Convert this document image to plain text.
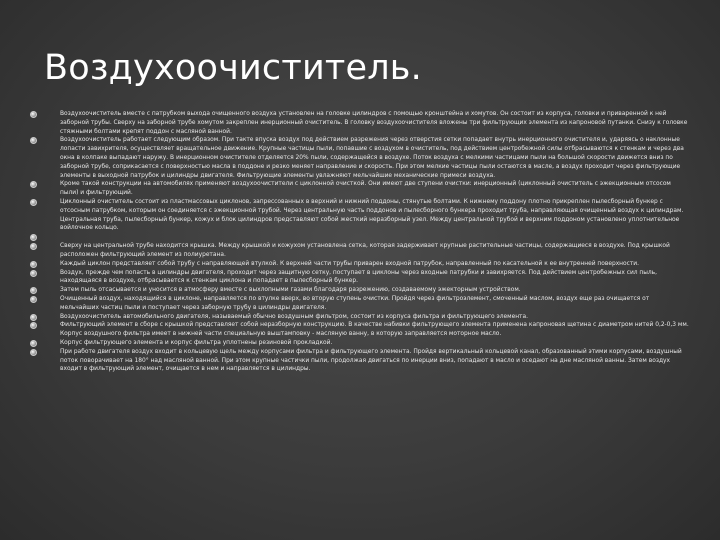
Воздухоочиститель.
Воздухоочиститель вместе с патрубком выхода очищенного воздуха установлен на головке цилиндров с помощью кронштейна и хомутов. Он состоит из корпуса, головки и приваренной к ней заборной трубы. Сверху на заборной трубе хомутом закреплен инерционный очиститель. В головку воздухоочистителя вложены три фильтрующих элемента из капроновой путанки. Снизу к головке стяжными болтами крепят поддон с масляной ванной.
Воздухоочиститель работает следующим образом. При такте впуска воздух под действием разрежения через отверстия сетки попадает внутрь инерционного очистителя и, ударяясь о наклонные лопасти завихрителя, осуществляет вращательное движение. Крупные частицы пыли, попавшие с воздухом в очиститель, под действием центробежной силы отбрасываются к стенкам и через два окна в колпаке выпадают наружу. В инерционном очистителе отделяется 20% пыли, содержащейся в воздухе. Поток воздуха с мелкими частицами пыли на большой скорости движется вниз по заборной трубе, соприкасается с поверхностью масла в поддоне и резко меняет направление и скорость. При этом мелкие частицы пыли остаются в масле, а воздух проходит через фильтрующие элементы в выходной патрубок и цилиндры двигателя. Фильтрующие элементы увлажняют мельчайшие механические примеси воздуха.
Кроме такой конструкции на автомобилях применяют воздухоочистители с циклонной очисткой. Они имеют две ступени очистки: инерционный (циклонный очиститель с эжекционным отсосом пыли) и фильтрующий.
Циклонный очиститель состоит из пластмассовых циклонов, запрессованных в верхний и нижний поддоны, стянутые болтами. К нижнему поддону плотно прикреплен пылесборный бункер с отсосным патрубком, которым он соединяется с эжекционной трубой. Через центральную часть поддонов и пылесборного бункера проходит труба, направляющая очищенный воздух к цилиндрам. Центральная труба, пылесборный бункер, кожух и блок цилиндров представляют собой жесткий неразборный узел. Между центральной трубой и верхним поддоном установлено уплотнительное войлочное кольцо.
Сверху на центральной трубе находится крышка. Между крышкой и кожухом установлена сетка, которая задерживает крупные растительные частицы, содержащиеся в воздухе. Под крышкой расположен фильтрующий элемент из полиуретана.
Каждый циклон представляет собой трубу с направляющей втулкой. К верхней части трубы приварен входной патрубок, направленный по касательной к ее внутренней поверхности.
Воздух, прежде чем попасть в цилиндры двигателя, проходит через защитную сетку, поступает в циклоны через входные патрубки и завихряется. Под действием центробежных сил пыль, находящаяся в воздухе, отбрасывается к стенкам циклона и попадает в пылесборный бункер.
Затем пыль отсасывается и уносится в атмосферу вместе с выхлопными газами благодаря разрежению, создаваемому эжекторным устройством.
Очищенный воздух, находящийся в циклоне, направляется по втулке вверх, во вторую ступень очистки. Пройдя через фильтроэлемент, смоченный маслом, воздух еще раз очищается от мельчайших частиц пыли и поступает через заборную трубу в цилиндры двигателя.
Воздухоочиститель автомобильного двигателя, называемый обычно воздушным фильтром, состоит из корпуса фильтра и фильтрующего элемента.
Фильтрующий элемент в сборе с крышкой представляет собой неразборную конструкцию. В качестве набивки фильтрующего элемента применена капроновая щетина с диаметром нитей 0,2-0,3 мм. Корпус воздушного фильтра имеет в нижней части специальную выштамповку - масляную ванну, в которую заправляется моторное масло.
Корпус фильтрующего элемента и корпус фильтра уплотнены резиновой прокладкой.
При работе двигателя воздух входит в кольцевую щель между корпусами фильтра и фильтрующего элемента. Пройдя вертикальный кольцевой канал, образованный этими корпусами, воздушный поток поворачивает на 180° над масляной ванной. При этом крупные частички пыли, продолжая двигаться по инерции вниз, попадают в масло и оседают на дне масляной ванны. Затем воздух входит в фильтрующий элемент, очищается в нем и направляется в цилиндры.
